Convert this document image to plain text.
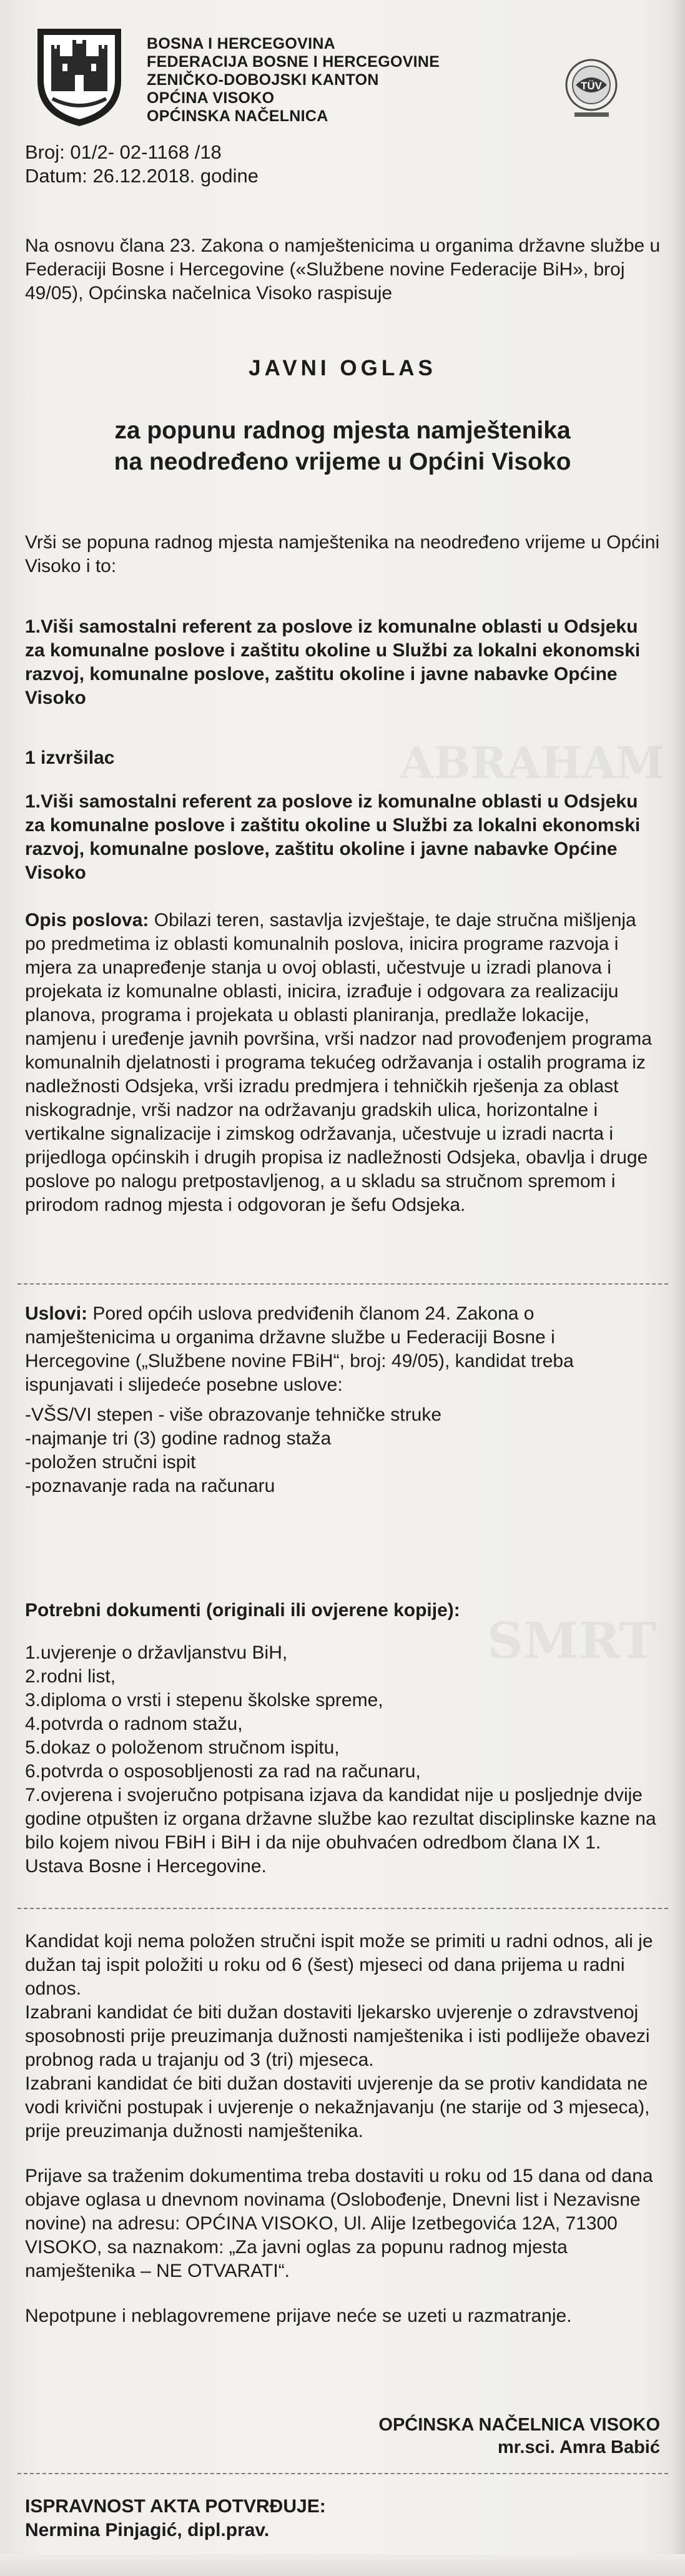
BOSNA I HERCEGOVINA
FEDERACIJA BOSNE I HERCEGOVINE
ZENIČKO-DOBOJSKI KANTON
OPĆINA VISOKO
OPĆINSKA NAČELNICA
TÜV
Broj: 01/2- 02-1168 /18
Datum: 26.12.2018. godine

Na osnovu člana 23. Zakona o namještenicima u organima državne službe u Federaciji Bosne i Hercegovine («Službene novine Federacije BiH», broj 49/05), Općinska načelnica Visoko raspisuje

JAVNI OGLAS
za popunu radnog mjesta namještenika
na neodređeno vrijeme u Općini Visoko

Vrši se popuna radnog mjesta namještenika na neodređeno vrijeme u Općini Visoko i to:

1.Viši samostalni referent za poslove iz komunalne oblasti u Odsjeku za komunalne poslove i zaštitu okoline u Službi za lokalni ekonomski razvoj, komunalne poslove, zaštitu okoline i javne nabavke Općine Visoko

1 izvršilac

1.Viši samostalni referent za poslove iz komunalne oblasti u Odsjeku za komunalne poslove i zaštitu okoline u Službi za lokalni ekonomski razvoj, komunalne poslove, zaštitu okoline i javne nabavke Općine Visoko

Opis poslova: Obilazi teren, sastavlja izvještaje, te daje stručna mišljenja po predmetima iz oblasti komunalnih poslova, inicira programe razvoja i mjera za unapređenje stanja u ovoj oblasti, učestvuje u izradi planova i projekata iz komunalne oblasti, inicira, izrađuje i odgovara za realizaciju planova, programa i projekata u oblasti planiranja, predlaže lokacije, namjenu i uređenje javnih površina, vrši nadzor nad provođenjem programa komunalnih djelatnosti i programa tekućeg održavanja i ostalih programa iz nadležnosti Odsjeka, vrši izradu predmjera i tehničkih rješenja za oblast niskogradnje, vrši nadzor na održavanju gradskih ulica, horizontalne i vertikalne signalizacije i zimskog održavanja, učestvuje u izradi nacrta i prijedloga općinskih i drugih propisa iz nadležnosti Odsjeka, obavlja i druge poslove po nalogu pretpostavljenog, a u skladu sa stručnom spremom i prirodom radnog mjesta i odgovoran je šefu Odsjeka.

Uslovi: Pored općih uslova predviđenih članom 24. Zakona o namještenicima u organima državne službe u Federaciji Bosne i Hercegovine („Službene novine FBiH“, broj: 49/05), kandidat treba ispunjavati i slijedeće posebne uslove:

-VŠS/VI stepen - više obrazovanje tehničke struke

-najmanje tri (3) godine radnog staža

-položen stručni ispit

-poznavanje rada na računaru

Potrebni dokumenti (originali ili ovjerene kopije):

1.uvjerenje o državljanstvu BiH,

2.rodni list,

3.diploma o vrsti i stepenu školske spreme,

4.potvrda o radnom stažu,

5.dokaz o položenom stručnom ispitu,

6.potvrda o osposobljenosti za rad na računaru,

7.ovjerena i svojeručno potpisana izjava da kandidat nije u posljednje dvije godine otpušten iz organa državne službe kao rezultat disciplinske kazne na bilo kojem nivou FBiH i BiH i da nije obuhvaćen odredbom člana IX 1. Ustava Bosne i Hercegovine.

Kandidat koji nema položen stručni ispit može se primiti u radni odnos, ali je dužan taj ispit položiti u roku od 6 (šest) mjeseci od dana prijema u radni odnos.

Izabrani kandidat će biti dužan dostaviti ljekarsko uvjerenje o zdravstvenoj sposobnosti prije preuzimanja dužnosti namještenika i isti podliježe obavezi probnog rada u trajanju od 3 (tri) mjeseca.

Izabrani kandidat će biti dužan dostaviti uvjerenje da se protiv kandidata ne vodi krivični postupak i uvjerenje o nekažnjavanju (ne starije od 3 mjeseca), prije preuzimanja dužnosti namještenika.

Prijave sa traženim dokumentima treba dostaviti u roku od 15 dana od dana objave oglasa u dnevnom novinama (Oslobođenje, Dnevni list i Nezavisne novine) na adresu: OPĆINA VISOKO, Ul. Alije Izetbegovića 12A, 71300 VISOKO, sa naznakom: „Za javni oglas za popunu radnog mjesta namještenika – NE OTVARATI“.

Nepotpune i neblagovremene prijave neće se uzeti u razmatranje.

OPĆINSKA NAČELNICA VISOKO
mr.sci. Amra Babić

ISPRAVNOST AKTA POTVRĐUJE:

Nermina Pinjagić, dipl.prav.
